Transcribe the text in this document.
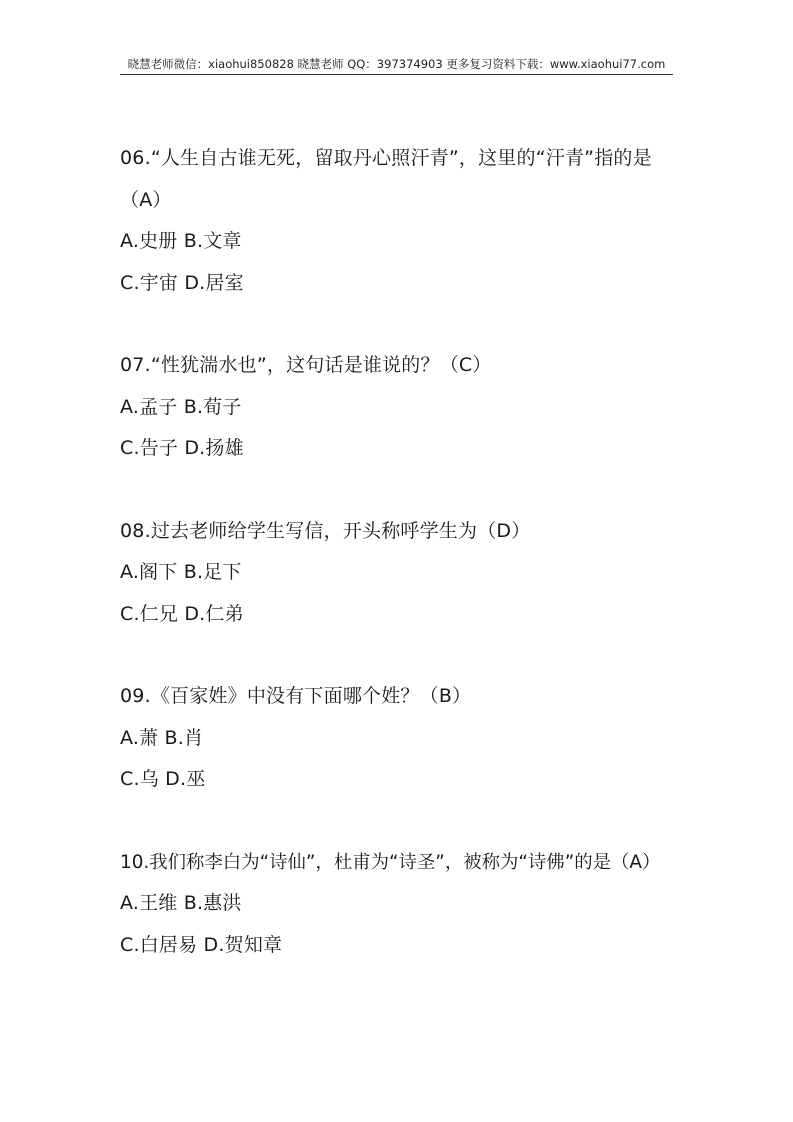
晓慧老师微信：xiaohui850828 晓慧老师 QQ：397374903 更多复习资料下载：www.xiaohui77.com
06.“人生自古谁无死，留取丹心照汗青”，这里的“汗青”指的是（A）
A.史册 B.文章
C.宇宙 D.居室
07.“性犹湍水也”，这句话是谁说的？（C）
A.孟子 B.荀子
C.告子 D.扬雄
08.过去老师给学生写信，开头称呼学生为（D）
A.阁下 B.足下
C.仁兄 D.仁弟
09.《百家姓》中没有下面哪个姓？（B）
A.萧 B.肖
C.乌 D.巫
10.我们称李白为“诗仙”，杜甫为“诗圣”，被称为“诗佛”的是（A）
A.王维 B.惠洪
C.白居易 D.贺知章
